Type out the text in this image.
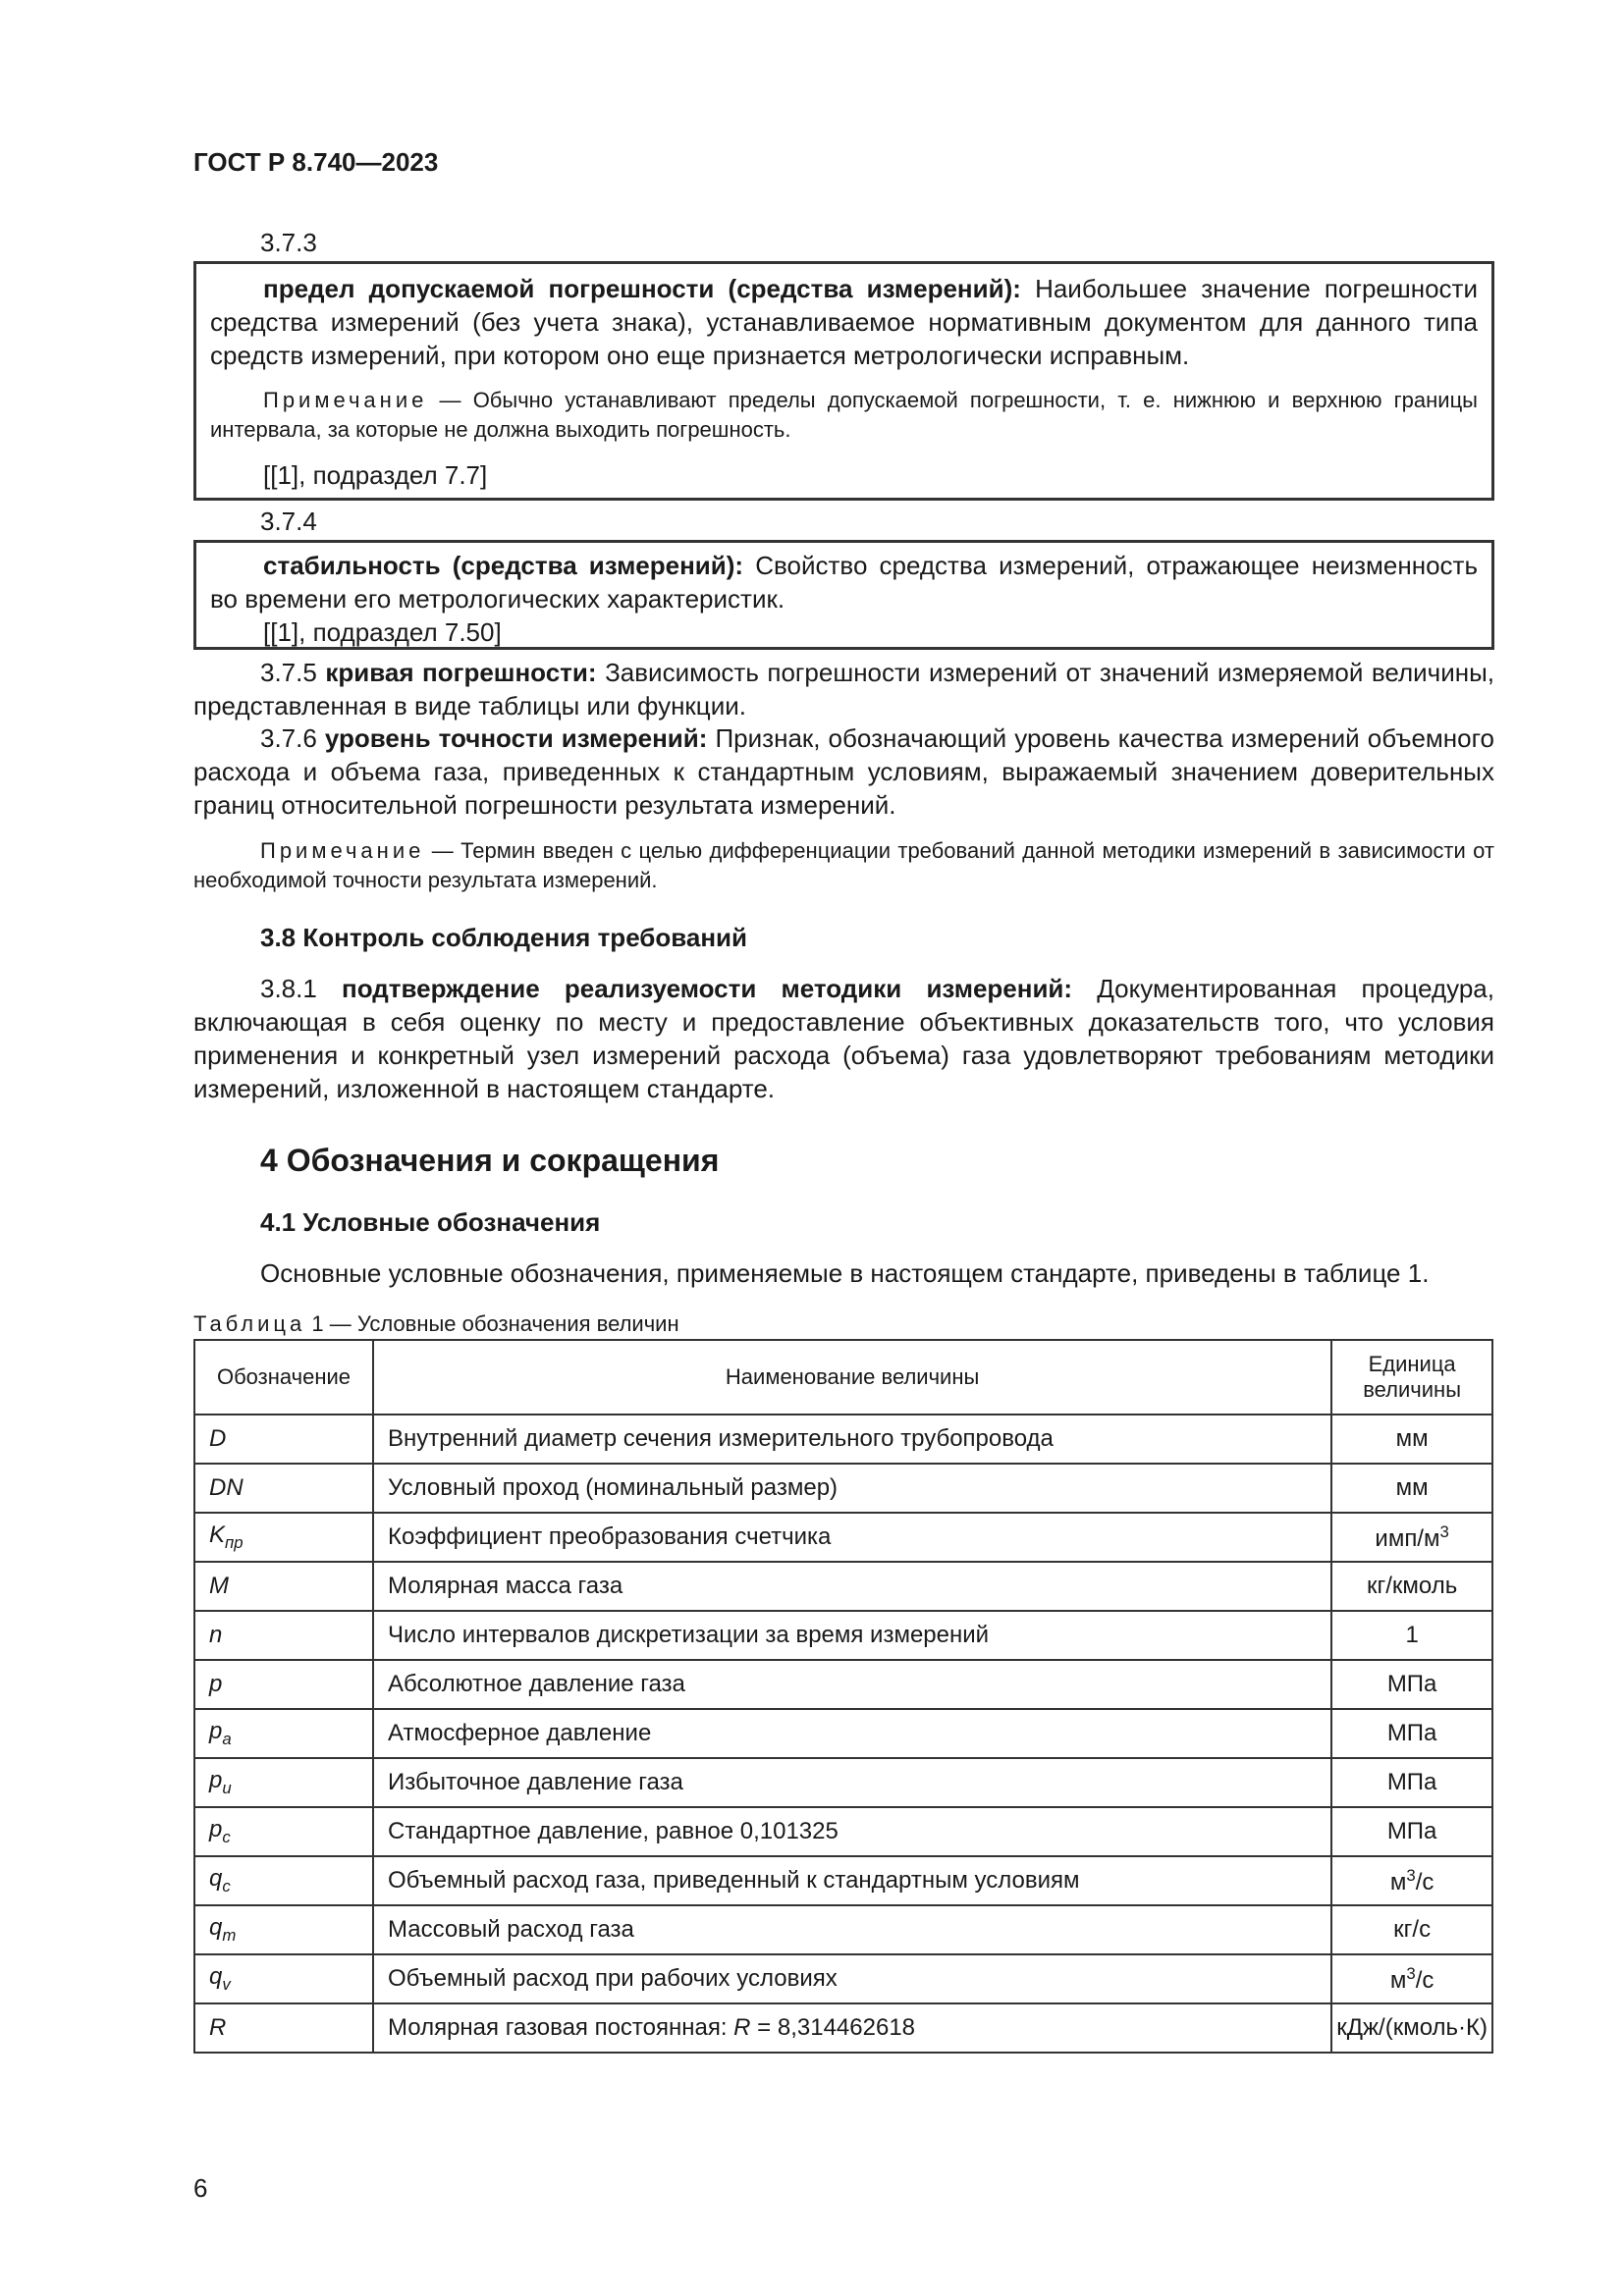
ГОСТ Р 8.740—2023
3.7.3
предел допускаемой погрешности (средства измерений): Наибольшее значение погрешности средства измерений (без учета знака), устанавливаемое нормативным документом для данного типа средств измерений, при котором оно еще признается метрологически исправным.
Примечание — Обычно устанавливают пределы допускаемой погрешности, т. е. нижнюю и верхнюю границы интервала, за которые не должна выходить погрешность.
[[1], подраздел 7.7]
3.7.4
стабильность (средства измерений): Свойство средства измерений, отражающее неизменность во времени его метрологических характеристик.
[[1], подраздел 7.50]
3.7.5 кривая погрешности: Зависимость погрешности измерений от значений измеряемой величины, представленная в виде таблицы или функции.
3.7.6 уровень точности измерений: Признак, обозначающий уровень качества измерений объемного расхода и объема газа, приведенных к стандартным условиям, выражаемый значением доверительных границ относительной погрешности результата измерений.
Примечание — Термин введен с целью дифференциации требований данной методики измерений в зависимости от необходимой точности результата измерений.
3.8 Контроль соблюдения требований
3.8.1 подтверждение реализуемости методики измерений: Документированная процедура, включающая в себя оценку по месту и предоставление объективных доказательств того, что условия применения и конкретный узел измерений расхода (объема) газа удовлетворяют требованиям методики измерений, изложенной в настоящем стандарте.
4 Обозначения и сокращения
4.1 Условные обозначения
Основные условные обозначения, применяемые в настоящем стандарте, приведены в таблице 1.
Таблица 1 — Условные обозначения величин
Обозначение	Наименование величины	Единица величины
D	Внутренний диаметр сечения измерительного трубопровода	мм
DN	Условный проход (номинальный размер)	мм
$K_{пр}$	Коэффициент преобразования счетчика	имп/$м^3$
M	Молярная масса газа	кг/кмоль
n	Число интервалов дискретизации за время измерений	1
p	Абсолютное давление газа	МПа
$p_a$	Атмосферное давление	МПа
$p_и$	Избыточное давление газа	МПа
$p_c$	Стандартное давление, равное 0,101325	МПа
$q_c$	Объемный расход газа, приведенный к стандартным условиям	$м^3/с$
$q_m$	Массовый расход газа	кг/с
$q_v$	Объемный расход при рабочих условиях	$м^3/с$
R	Молярная газовая постоянная: R = 8,314462618	кДж/(кмоль·К)
6
